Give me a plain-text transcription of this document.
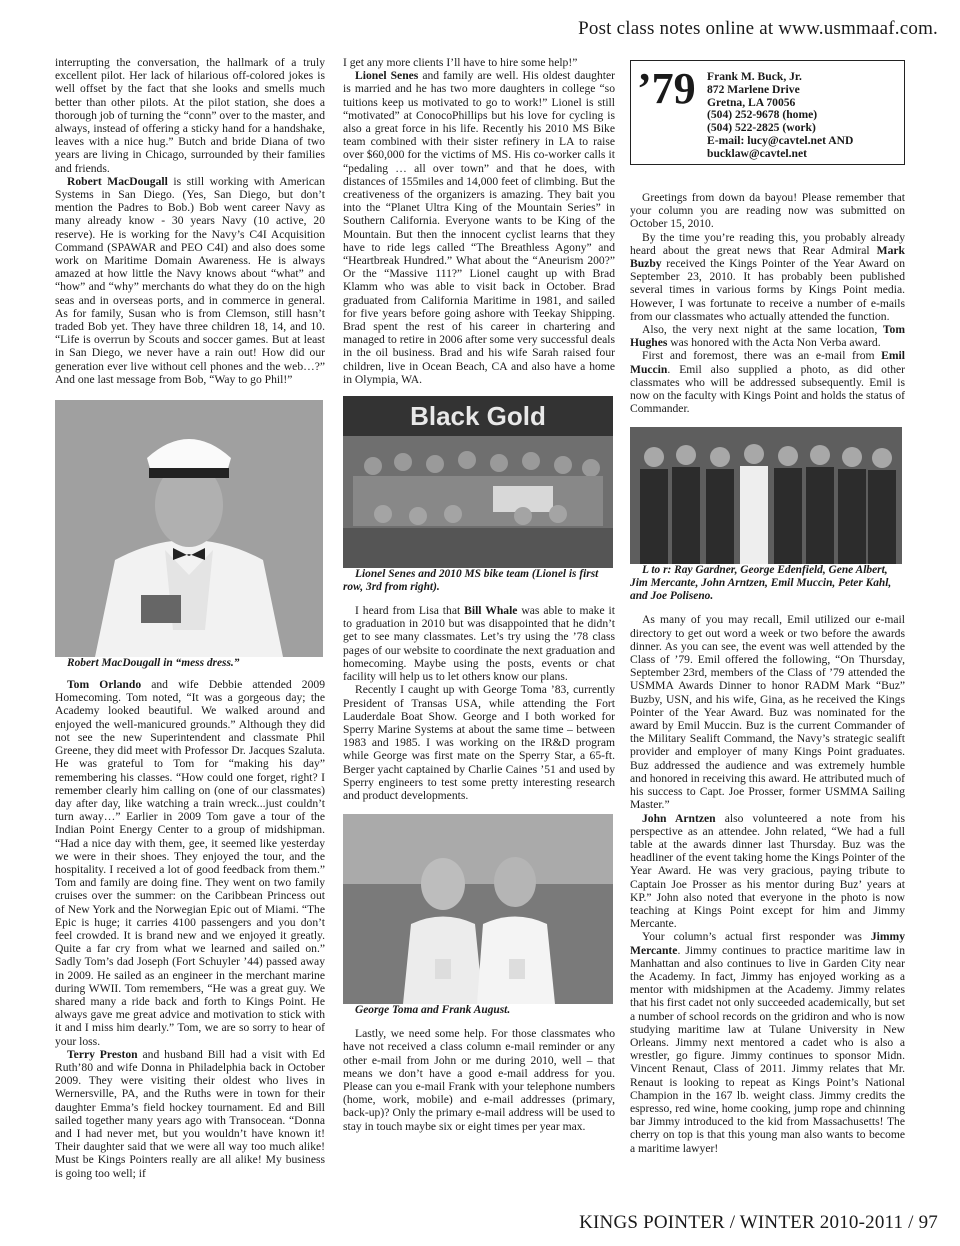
Post class notes online at www.usmmaaf.com.

interrupting the conversation, the hallmark of a truly excellent pilot. Her lack of hilarious off-colored jokes is well offset by the fact that she looks and smells much better than other pilots. At the pilot station, she does a thorough job of turning the “conn” over to the master, and always, instead of offering a sticky hand for a handshake, leaves with a nice hug.” Butch and bride Diana of two years are living in Chicago, surrounded by their families and friends.

Robert MacDougall is still working with American Systems in San Diego. (Yes, San Diego, but don’t mention the Padres to Bob.) Bob went career Navy as many already know - 30 years Navy (10 active, 20 reserve). He is working for the Navy’s C4I Acquisition Command (SPAWAR and PEO C4I) and also does some work on Maritime Domain Awareness. He is always amazed at how little the Navy knows about “what” and “how” and “why” merchants do what they do on the high seas and in overseas ports, and in commerce in general. As for family, Susan who is from Clemson, still hasn’t traded Bob yet. They have three children 18, 14, and 10. “Life is overrun by Scouts and soccer games. But at least in San Diego, we never have a rain out! How did our generation ever live without cell phones and the web…?” And one last message from Bob, “Way to go Phil!”

Robert MacDougall in “mess dress.”

Tom Orlando and wife Debbie attended 2009 Homecoming. Tom noted, “It was a gorgeous day; the Academy looked beautiful. We walked around and enjoyed the well-manicured grounds.” Although they did not see the new Superintendent and classmate Phil Greene, they did meet with Professor Dr. Jacques Szaluta. He was grateful to Tom for “making his day” remembering his classes. “How could one forget, right? I remember clearly him calling on (one of our classmates) day after day, like watching a train wreck...just couldn’t turn away…” Earlier in 2009 Tom gave a tour of the Indian Point Energy Center to a group of midshipman. “Had a nice day with them, gee, it seemed like yesterday we were in their shoes. They enjoyed the tour, and the hospitality. I received a lot of good feedback from them.” Tom and family are doing fine. They went on two family cruises over the summer: on the Caribbean Princess out of New York and the Norwegian Epic out of Miami. “The Epic is huge; it carries 4100 passengers and you don’t feel crowded. It is brand new and we enjoyed it greatly. Quite a far cry from what we learned and sailed on.” Sadly Tom’s dad Joseph (Fort Schuyler ’44) passed away in 2009. He sailed as an engineer in the merchant marine during WWII. Tom remembers, “He was a great guy. We shared many a ride back and forth to Kings Point. He always gave me great advice and motivation to stick with it and I miss him dearly.” Tom, we are so sorry to hear of your loss.

Terry Preston and husband Bill had a visit with Ed Ruth’80 and wife Donna in Philadelphia back in October 2009. They were visiting their oldest who lives in Wernersville, PA, and the Ruths were in town for their daughter Emma’s field hockey tournament. Ed and Bill sailed together many years ago with Transocean. “Donna and I had never met, but you wouldn’t have known it! Their daughter said that we were all way too much alike! Must be Kings Pointers really are all alike! My business is going too well; if

I get any more clients I’ll have to hire some help!”

Lionel Senes and family are well. His oldest daughter is married and he has two more daughters in college “so tuitions keep us motivated to go to work!” Lionel is still “motivated” at ConocoPhillips but his love for cycling is also a great force in his life. Recently his 2010 MS Bike team combined with their sister refinery in LA to raise over $60,000 for the victims of MS. His co-worker calls it “pedaling … all over town” and that he does, with distances of 155miles and 14,000 feet of climbing. But the creativeness of the organizers is amazing. They bait you into the “Planet Ultra King of the Mountain Series” in Southern California. Everyone wants to be King of the Mountain. But then the innocent cyclist learns that they have to ride legs called “The Breathless Agony” and “Heartbreak Hundred.” What about the “Aneurism 200?” Or the “Massive 111?” Lionel caught up with Brad Klamm who was able to visit back in October. Brad graduated from California Maritime in 1981, and sailed for five years before going ashore with Teekay Shipping. Brad spent the rest of his career in chartering and managed to retire in 2006 after some very successful deals in the oil business. Brad and his wife Sarah raised four children, live in Ocean Beach, CA and also have a home in Olympia, WA.

Black Gold

Lionel Senes and 2010 MS bike team (Lionel is first row, 3rd from right).

I heard from Lisa that Bill Whale was able to make it to graduation in 2010 but was disappointed that he didn’t get to see many classmates. Let’s try using the ’78 class pages of our website to coordinate the next graduation and homecoming. Maybe using the posts, events or chat facility will help us to let others know our plans.

Recently I caught up with George Toma ’83, currently President of Transas USA, while attending the Fort Lauderdale Boat Show. George and I both worked for Sperry Marine Systems at about the same time – between 1983 and 1985. I was working on the IR&D program while George was first mate on the Sperry Star, a 65-ft. Berger yacht captained by Charlie Caines ’51 and used by Sperry engineers to test some pretty interesting research and product developments.

George Toma and Frank August.

Lastly, we need some help. For those classmates who have not received a class column e-mail reminder or any other e-mail from John or me during 2010, well – that means we don’t have a good e-mail address for you. Please can you e-mail Frank with your telephone numbers (home, work, mobile) and e-mail addresses (primary, back-up)? Only the primary e-mail address will be used to stay in touch maybe six or eight times per year max.

’79 Frank M. Buck, Jr.
872 Marlene Drive
Gretna, LA 70056
(504) 252-9678 (home)
(504) 522-2825 (work)
E-mail: lucy@cavtel.net AND
bucklaw@cavtel.net

Greetings from down da bayou! Please remember that your column you are reading now was submitted on October 15, 2010.

By the time you’re reading this, you probably already heard about the great news that Rear Admiral Mark Buzby received the Kings Pointer of the Year Award on September 23, 2010. It has probably been published several times in various forms by Kings Point media. However, I was fortunate to receive a number of e-mails from our classmates who actually attended the function.

Also, the very next night at the same location, Tom Hughes was honored with the Acta Non Verba award.

First and foremost, there was an e-mail from Emil Muccin. Emil also supplied a photo, as did other classmates who will be addressed subsequently. Emil is now on the faculty with Kings Point and holds the status of Commander.

L to r: Ray Gardner, George Edenfield, Gene Albert, Jim Mercante, John Arntzen, Emil Muccin, Peter Kahl, and Joe Poliseno.

As many of you may recall, Emil utilized our e-mail directory to get out word a week or two before the awards dinner. As you can see, the event was well attended by the Class of ’79. Emil offered the following, “On Thursday, September 23rd, members of the Class of ’79 attended the USMMA Awards Dinner to honor RADM Mark “Buz” Buzby, USN, and his wife, Gina, as he received the Kings Pointer of the Year Award. Buz was nominated for the award by Emil Muccin. Buz is the current Commander of the Military Sealift Command, the Navy’s strategic sealift provider and employer of many Kings Point graduates. Buz addressed the audience and was extremely humble and honored in receiving this award. He attributed much of his success to Capt. Joe Prosser, former USMMA Sailing Master.”

John Arntzen also volunteered a note from his perspective as an attendee. John related, “We had a full table at the awards dinner last Thursday. Buz was the headliner of the event taking home the Kings Pointer of the Year Award. He was very gracious, paying tribute to Captain Joe Prosser as his mentor during Buz’ years at KP.” John also noted that everyone in the photo is now teaching at Kings Point except for him and Jimmy Mercante.

Your column’s actual first responder was Jimmy Mercante. Jimmy continues to practice maritime law in Manhattan and also continues to live in Garden City near the Academy. In fact, Jimmy has enjoyed working as a mentor with midshipmen at the Academy. Jimmy relates that his first cadet not only succeeded academically, but set a number of school records on the gridiron and who is now studying maritime law at Tulane University in New Orleans. Jimmy next mentored a cadet who is also a wrestler, go figure. Jimmy continues to sponsor Midn. Vincent Renaut, Class of 2011. Jimmy relates that Mr. Renaut is looking to repeat as Kings Point’s National Champion in the 167 lb. weight class. Jimmy credits the espresso, red wine, home cooking, jump rope and chinning bar Jimmy introduced to the kid from Massachusetts! The cherry on top is that this young man also wants to become a maritime lawyer!

KINGS POINTER / WINTER 2010-2011 / 97
